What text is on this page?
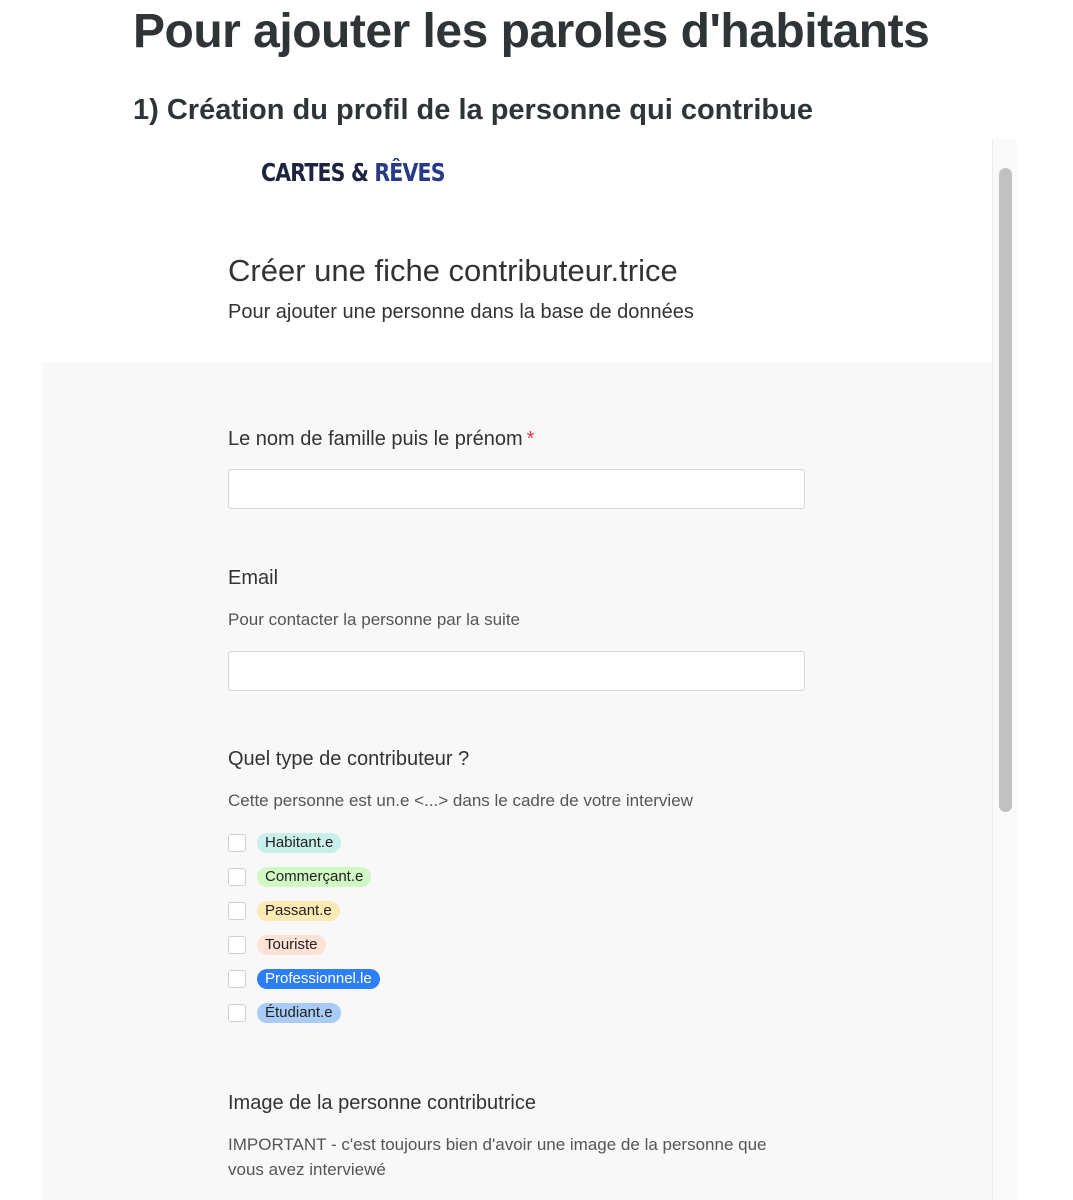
Pour ajouter les paroles d'habitants
1) Création du profil de la personne qui contribue
CARTES & RÊVES
Créer une fiche contributeur.trice
Pour ajouter une personne dans la base de données
Le nom de famille puis le prénom *
Email
Pour contacter la personne par la suite
Quel type de contributeur ?
Cette personne est un.e <...> dans le cadre de votre interview
Habitant.e
Commerçant.e
Passant.e
Touriste
Professionnel.le
Étudiant.e
Image de la personne contributrice
IMPORTANT - c'est toujours bien d'avoir une image de la personne que
vous avez interviewé
